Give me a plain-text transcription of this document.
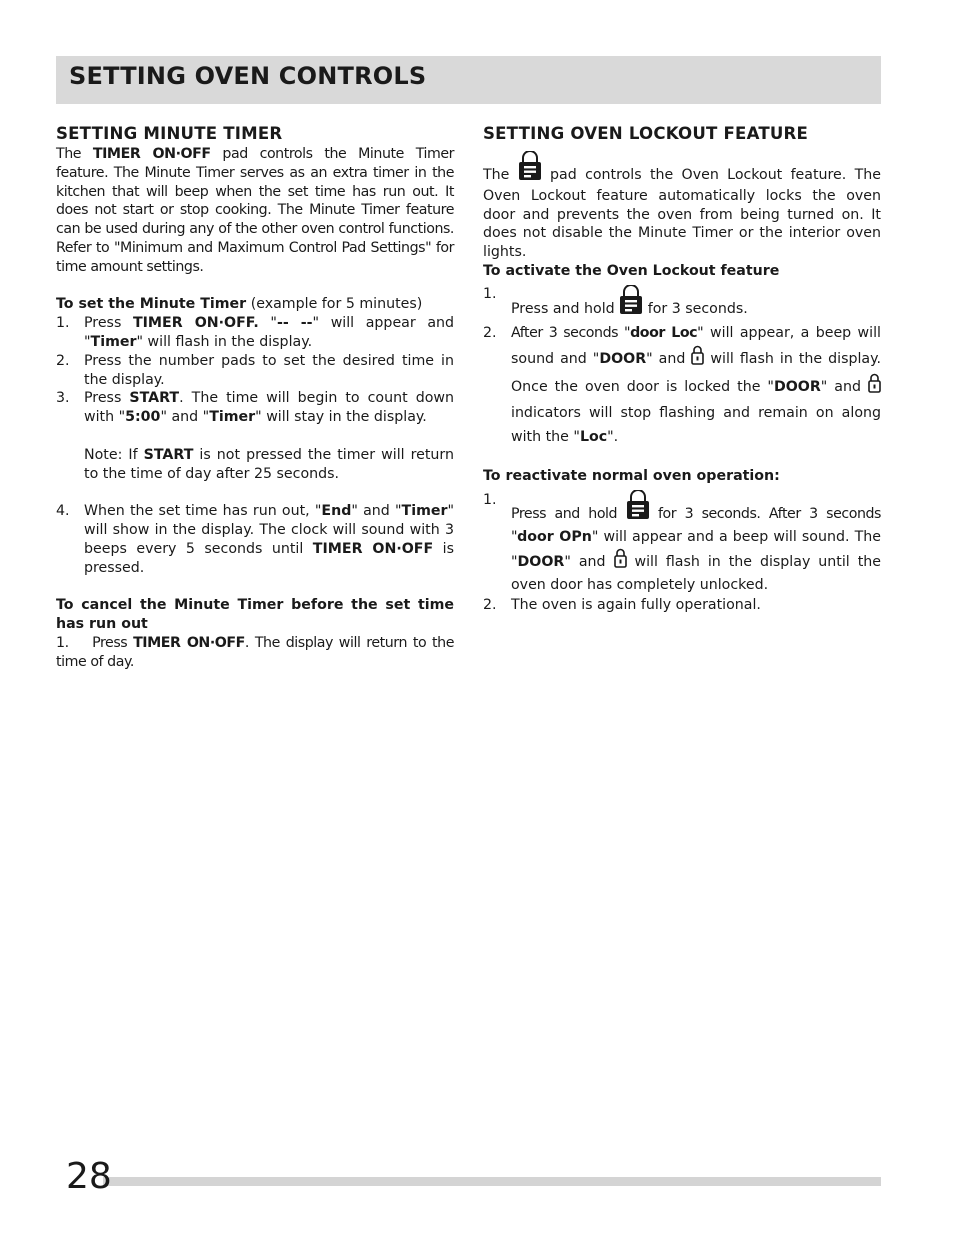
SETTING OVEN CONTROLS
SETTING MINUTE TIMER

The TIMER ON·OFF pad controls the Minute Timer feature. The Minute Timer serves as an extra timer in the kitchen that will beep when the set time has run out. It does not start or stop cooking. The Minute Timer feature can be used during any of the other oven control functions. Refer to "Minimum and Maximum Control Pad Settings" for time amount settings.

To set the Minute Timer (example for 5 minutes)

1. Press TIMER ON·OFF. "-- --" will appear and "Timer" will flash in the display.
2. Press the number pads to set the desired time in the display.
3. Press START. The time will begin to count down with "5:00" and "Timer" will stay in the display.

Note: If START is not pressed the timer will return to the time of day after 25 seconds.

4. When the set time has run out, "End" and "Timer" will show in the display. The clock will sound with 3 beeps every 5 seconds until TIMER ON·OFF is pressed.

To cancel the Minute Timer before the set time has run out

1. Press TIMER ON·OFF. The display will return to the time of day.

SETTING OVEN LOCKOUT FEATURE

The  pad controls the Oven Lockout feature. The Oven Lockout feature automatically locks the oven door and prevents the oven from being turned on. It does not disable the Minute Timer or the interior oven lights.

To activate the Oven Lockout feature

1.
Press and hold  for 3 seconds.
2. After 3 seconds "door Loc" will appear, a beep will sound and "DOOR" and  will flash in the display. Once the oven door is locked the "DOOR" and  indicators will stop flashing and remain on along with the "Loc".

To reactivate normal oven operation:

1.
Press and hold  for 3 seconds. After 3 seconds "door OPn" will appear and a beep will sound. The "DOOR" and  will flash in the display until the oven door has completely unlocked.
2. The oven is again fully operational.
28
